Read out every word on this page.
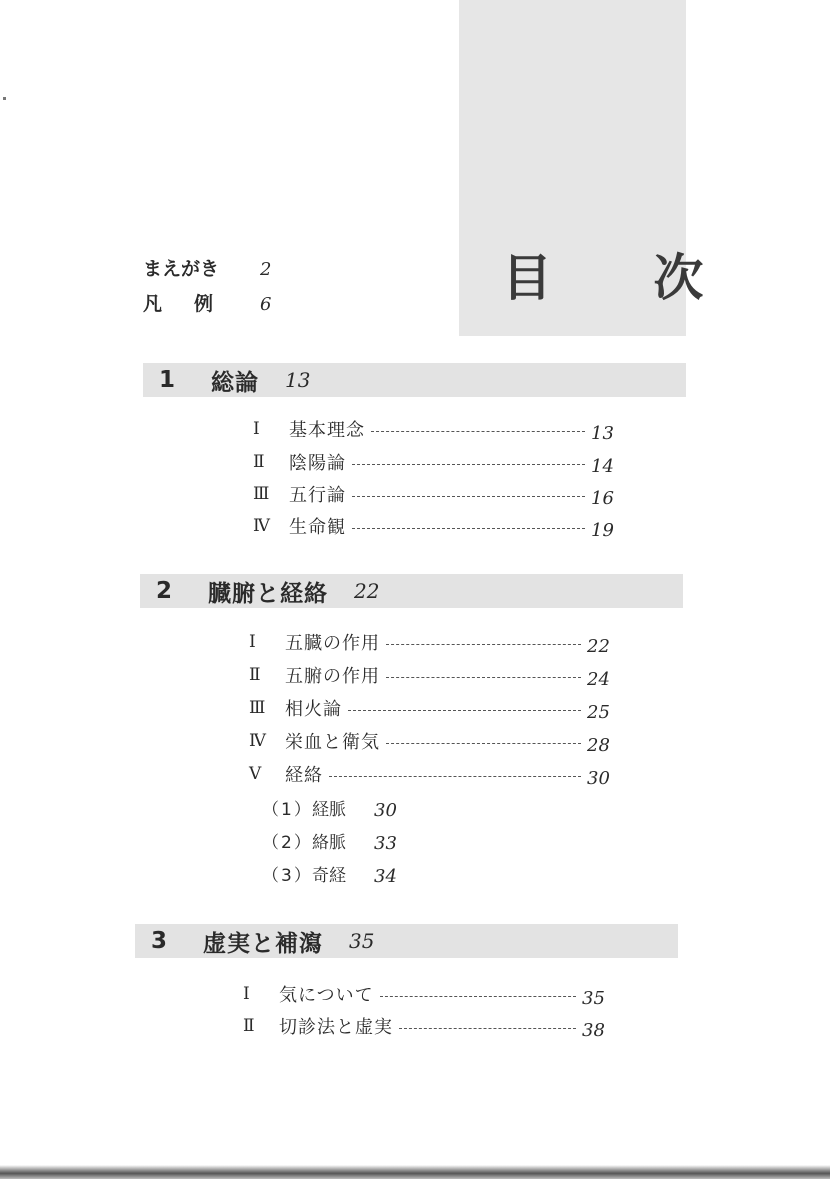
目 次
まえがき	2
凡例 6
1	総論 13
Ⅰ	基本理念	13
Ⅱ	陰陽論	14
Ⅲ	五行論	16
Ⅳ	生命観	19
2	臓腑と経絡 22
Ⅰ	五臓の作用	22
Ⅱ	五腑の作用	24
Ⅲ	相火論	25
Ⅳ	栄血と衛気	28
Ⅴ	経絡	30
（1） 経脈	30
（2） 絡脈	33
（3） 奇経	34
3	虚実と補瀉 35
Ⅰ	気について	35
Ⅱ	切診法と虚実	38
